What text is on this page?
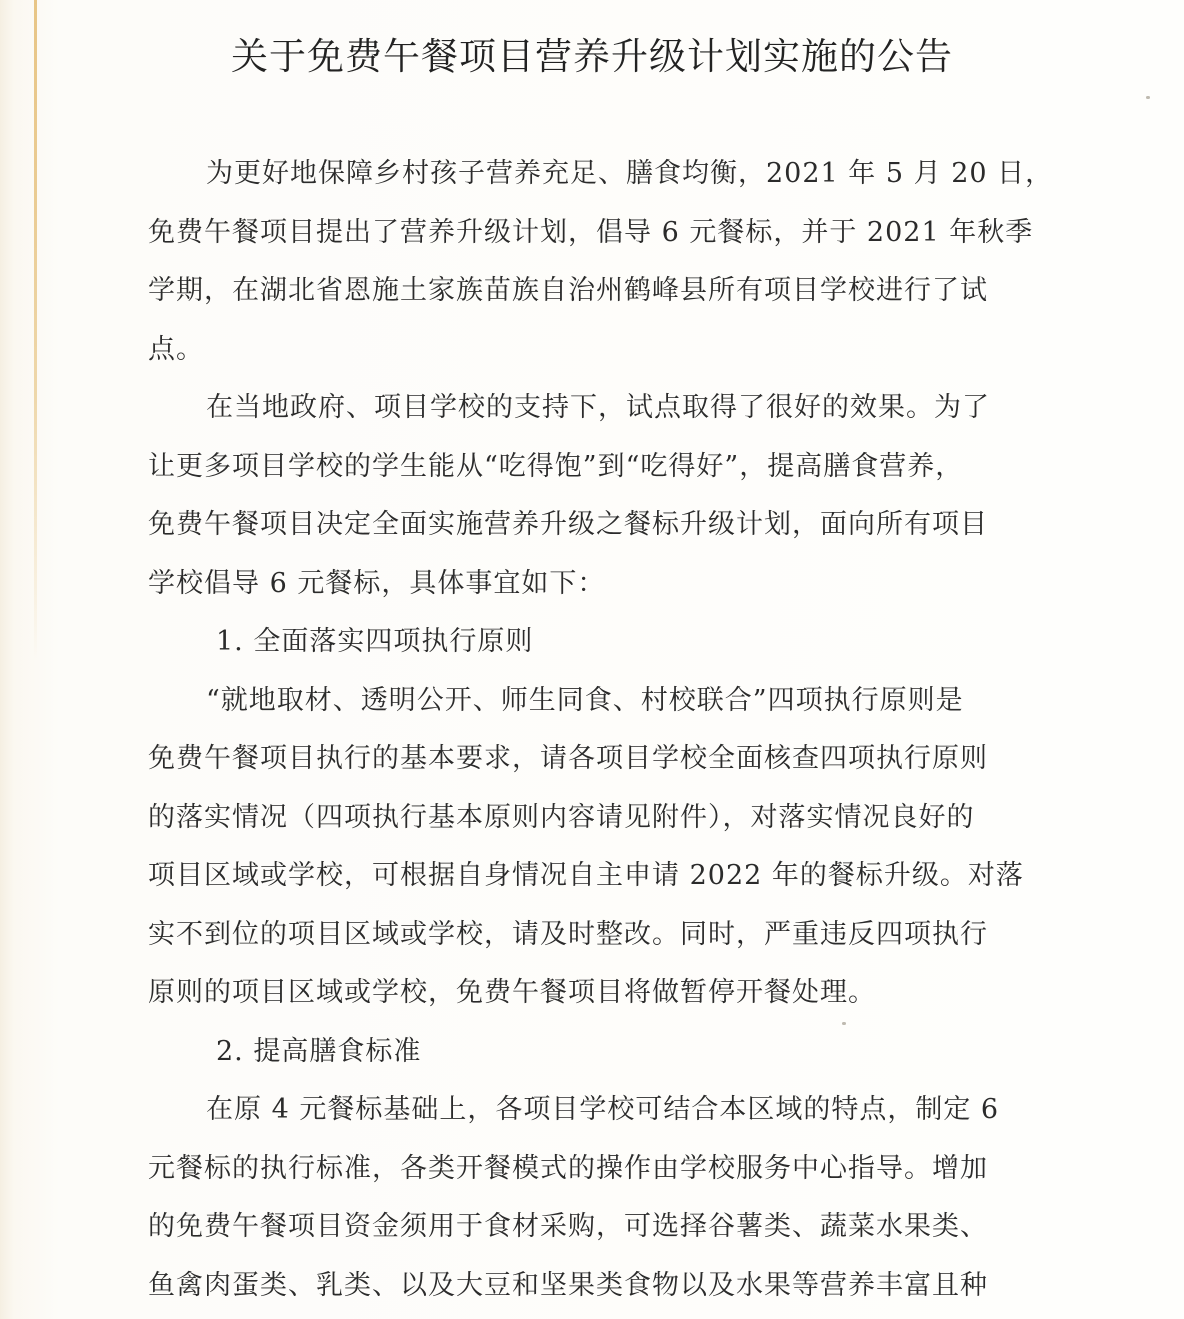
关于免费午餐项目营养升级计划实施的公告
为更好地保障乡村孩子营养充足、膳食均衡，2021 年 5 月 20 日，
免费午餐项目提出了营养升级计划，倡导 6 元餐标，并于 2021 年秋季
学期，在湖北省恩施土家族苗族自治州鹤峰县所有项目学校进行了试
点。
在当地政府、项目学校的支持下，试点取得了很好的效果。为了
让更多项目学校的学生能从“吃得饱”到“吃得好”，提高膳食营养，
免费午餐项目决定全面实施营养升级之餐标升级计划，面向所有项目
学校倡导 6 元餐标，具体事宜如下：
1. 全面落实四项执行原则
“就地取材、透明公开、师生同食、村校联合”四项执行原则是
免费午餐项目执行的基本要求，请各项目学校全面核查四项执行原则
的落实情况（四项执行基本原则内容请见附件），对落实情况良好的
项目区域或学校，可根据自身情况自主申请 2022 年的餐标升级。对落
实不到位的项目区域或学校，请及时整改。同时，严重违反四项执行
原则的项目区域或学校，免费午餐项目将做暂停开餐处理。
2. 提高膳食标准
在原 4 元餐标基础上，各项目学校可结合本区域的特点，制定 6
元餐标的执行标准，各类开餐模式的操作由学校服务中心指导。增加
的免费午餐项目资金须用于食材采购，可选择谷薯类、蔬菜水果类、
鱼禽肉蛋类、乳类、以及大豆和坚果类食物以及水果等营养丰富且种
